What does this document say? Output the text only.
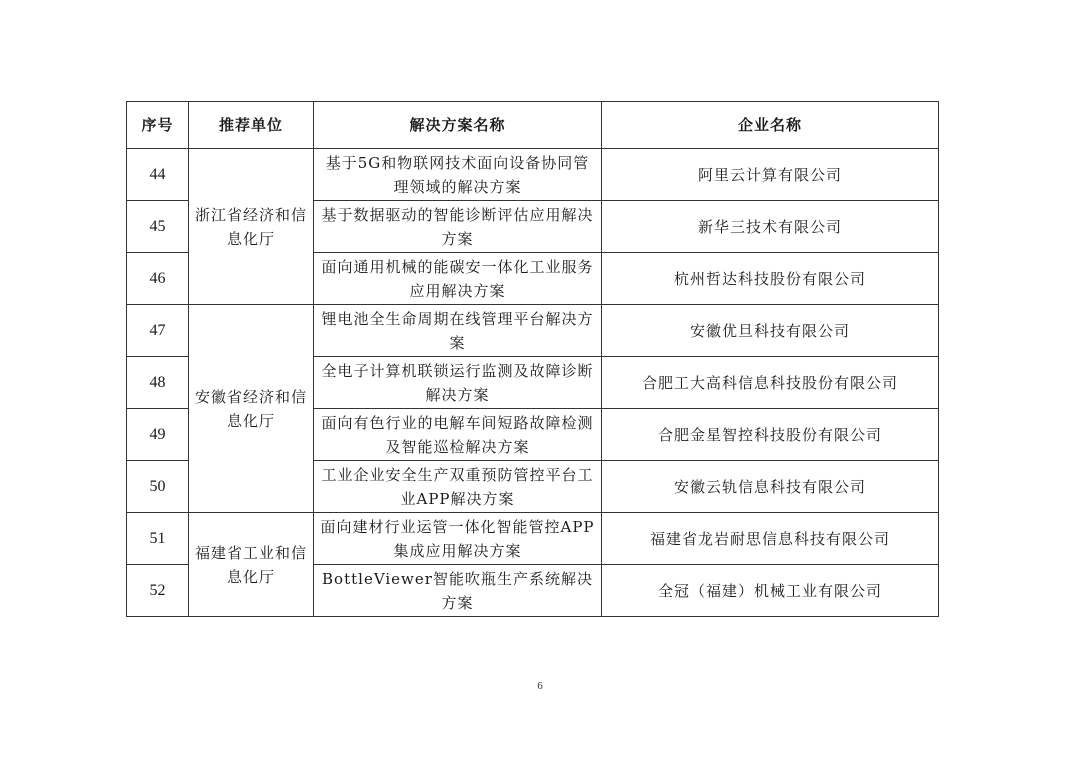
序号	推荐单位	解决方案名称	企业名称
44	浙江省经济和信息化厅	基于5G和物联网技术面向设备协同管理领域的解决方案	阿里云计算有限公司
45		基于数据驱动的智能诊断评估应用解决方案	新华三技术有限公司
46		面向通用机械的能碳安一体化工业服务应用解决方案	杭州哲达科技股份有限公司
47	安徽省经济和信息化厅	锂电池全生命周期在线管理平台解决方案	安徽优旦科技有限公司
48		全电子计算机联锁运行监测及故障诊断解决方案	合肥工大高科信息科技股份有限公司
49		面向有色行业的电解车间短路故障检测及智能巡检解决方案	合肥金星智控科技股份有限公司
50		工业企业安全生产双重预防管控平台工业APP解决方案	安徽云轨信息科技有限公司
51	福建省工业和信息化厅	面向建材行业运管一体化智能管控APP集成应用解决方案	福建省龙岩耐思信息科技有限公司
52		BottleViewer智能吹瓶生产系统解决方案	全冠（福建）机械工业有限公司
6
